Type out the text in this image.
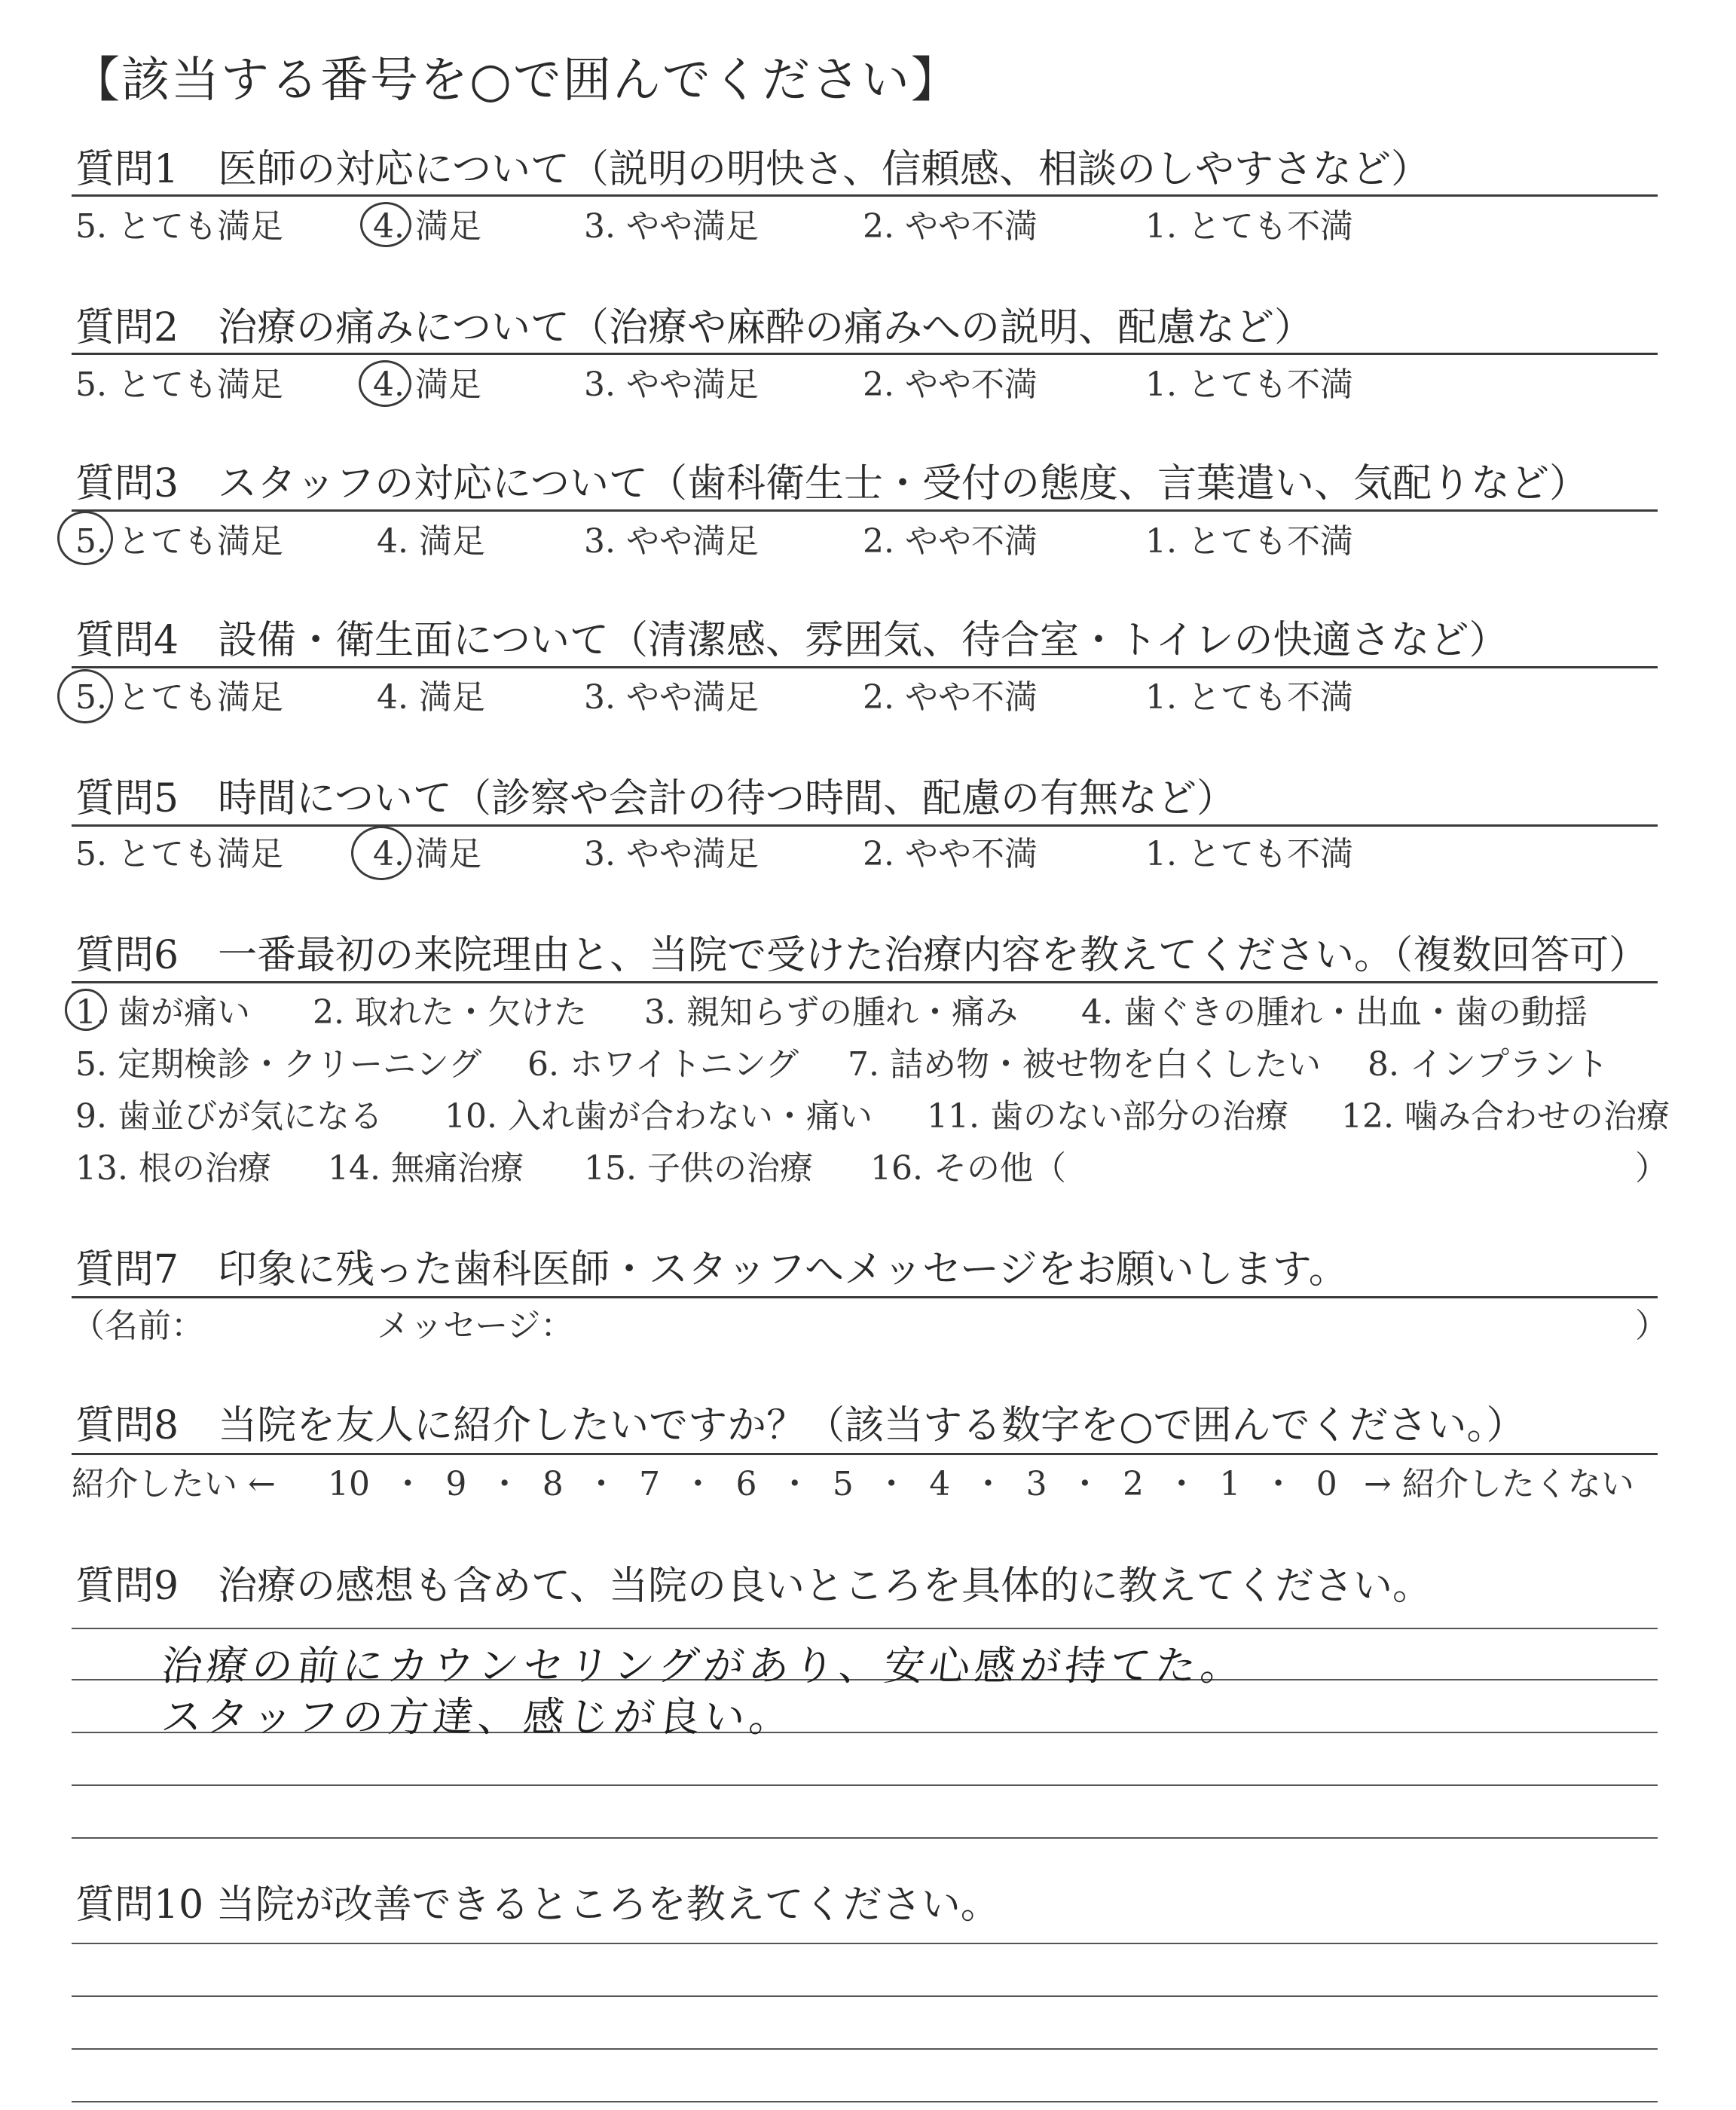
【該当する番号を○で囲んでください】
質問1　医師の対応について（説明の明快さ、信頼感、相談のしやすさなど）
5. とても満足	4. 満足	3. やや満足	2. やや不満	1. とても不満
質問2　治療の痛みについて（治療や麻酔の痛みへの説明、配慮など）
5. とても満足	4. 満足	3. やや満足	2. やや不満	1. とても不満
質問3　スタッフの対応について（歯科衛生士・受付の態度、言葉遣い、気配りなど）
5. とても満足	4. 満足	3. やや満足	2. やや不満	1. とても不満
質問4　設備・衛生面について（清潔感、雰囲気、待合室・トイレの快適さなど）
5. とても満足	4. 満足	3. やや満足	2. やや不満	1. とても不満
質問5　時間について（診察や会計の待つ時間、配慮の有無など）
5. とても満足	4. 満足	3. やや満足	2. やや不満	1. とても不満
質問6　一番最初の来院理由と、当院で受けた治療内容を教えてください。（複数回答可）
1. 歯が痛い 2. 取れた・欠けた 3. 親知らずの腫れ・痛み 4. 歯ぐきの腫れ・出血・歯の動揺
5. 定期検診・クリーニング 6. ホワイトニング 7. 詰め物・被せ物を白くしたい 8. インプラント
9. 歯並びが気になる 10. 入れ歯が合わない・痛い 11. 歯のない部分の治療 12. 噛み合わせの治療
13. 根の治療 14. 無痛治療 15. 子供の治療 16. その他（	）
質問7　印象に残った歯科医師・スタッフへメッセージをお願いします。
（名前：	メッセージ：	）
質問8　当院を友人に紹介したいですか？（該当する数字を○で囲んでください。）
紹介したい ← 10 ・ 9 ・ 8 ・ 7 ・ 6 ・ 5 ・ 4 ・ 3 ・ 2 ・ 1 ・ 0 → 紹介したくない
質問9　治療の感想も含めて、当院の良いところを具体的に教えてください。
治療の前にカウンセリングがあり、安心感が持てた。
スタッフの方達、感じが良い。
質問10 当院が改善できるところを教えてください。
